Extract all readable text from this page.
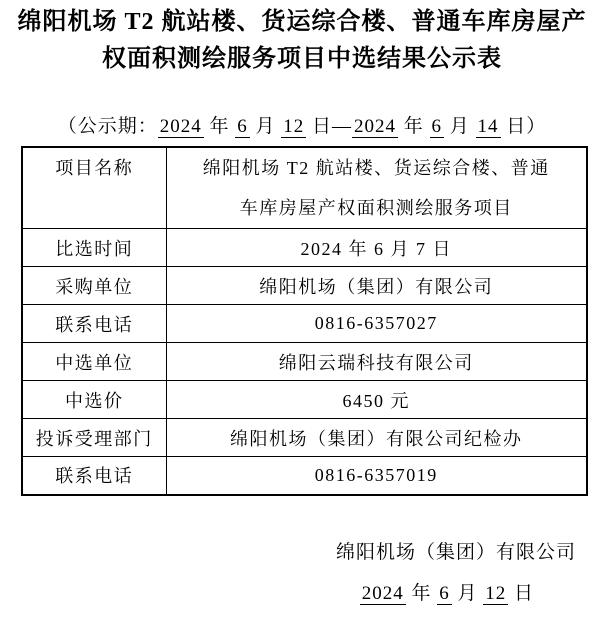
绵阳机场 T2 航站楼、货运综合楼、普通车库房屋产
权面积测绘服务项目中选结果公示表
（公示期： 2024 年 6 月 12 日— 2024 年 6 月 14 日）
项目名称	绵阳机场 T2 航站楼、货运综合楼、普通车库房屋产权面积测绘服务项目
比选时间	2024 年 6 月 7 日
采购单位	绵阳机场（集团）有限公司
联系电话	0816-6357027
中选单位	绵阳云瑞科技有限公司
中选价	6450 元
投诉受理部门	绵阳机场（集团）有限公司纪检办
联系电话	0816-6357019
绵阳机场（集团）有限公司
2024 年 6 月 12 日
